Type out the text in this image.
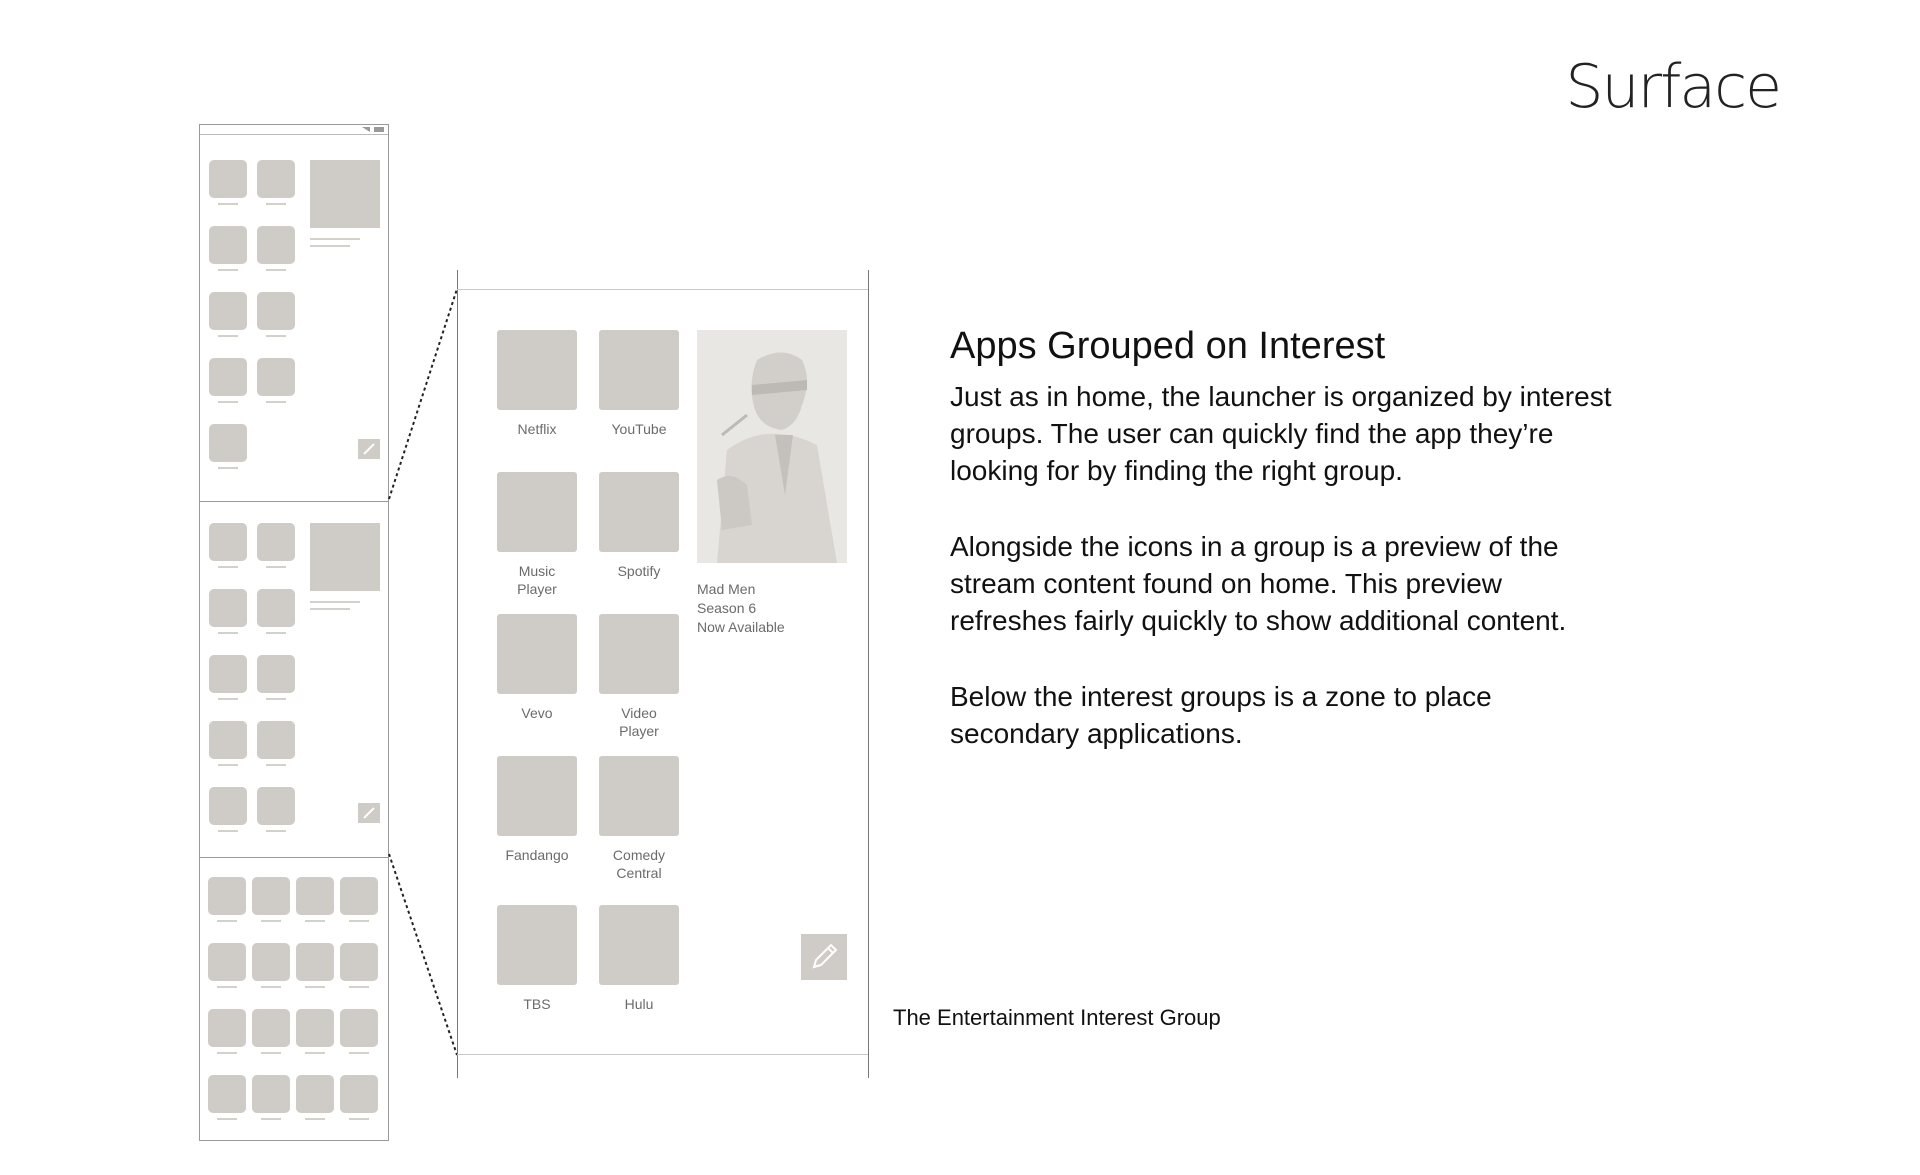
Surface
Netflix	YouTube
Music
Player
Spotify
Vevo	Video
Player
Fandango	Comedy
Central
TBS	Hulu
Mad Men
Season 6
Now Available
Apps Grouped on Interest
Just as in home, the launcher is organized by interest
groups. The user can quickly find the app they’re
looking for by finding the right group.
Alongside the icons in a group is a preview of the
stream content found on home. This preview
refreshes fairly quickly to show additional content.
Below the interest groups is a zone to place
secondary applications.
The Entertainment Interest Group
